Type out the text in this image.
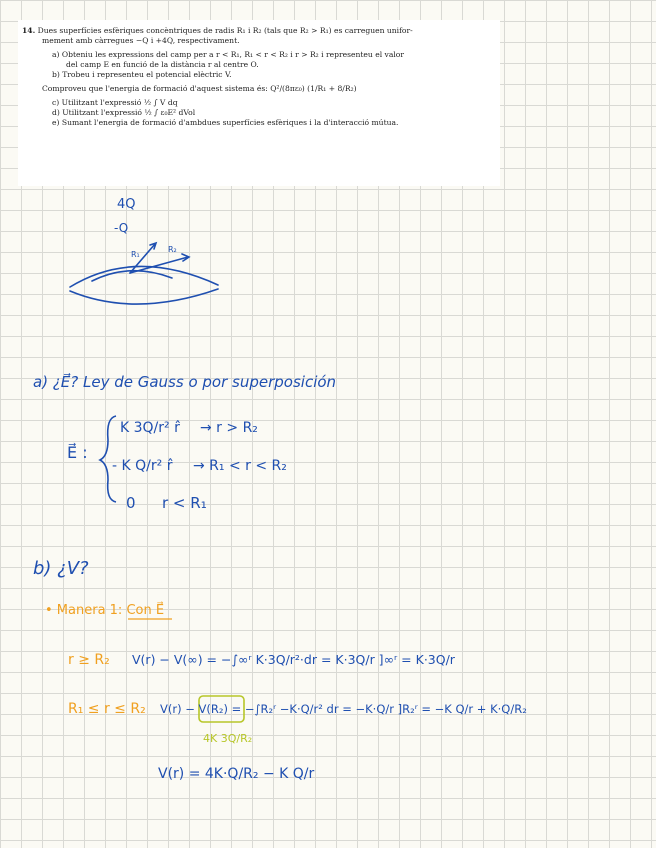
14. Dues superfícies esfèriques concèntriques de radis R₁ i R₂ (tals que R₂ > R₁) es carreguen unifor-

mement amb càrregues −Q i +4Q, respectivament.

a) Obteniu les expressions del camp per a r < R₁, R₁ < r < R₂ i r > R₂ i representeu el valor

del camp E en funció de la distància r al centre O.

b) Trobeu i representeu el potencial elèctric V.

Comproveu que l'energia de formació d'aquest sistema és: Q²/(8πε₀) (1/R₁ + 8/R₂)

c) Utilitzant l'expressió ½ ∫ V dq

d) Utilitzant l'expressió ½ ∫ ε₀E² dVol

e) Sumant l'energia de formació d'ambdues superfícies esfèriques i la d'interacció mútua.

4Q
-Q
R₁
R₂
a) ¿E⃗? Ley de Gauss o por superposición
E⃗ :
K 3Q/r² r̂ → r > R₂
- K Q/r² r̂ → R₁ < r < R₂
0 r < R₁
b) ¿V?
• Manera 1: Con E⃗
r ≥ R₂ V(r) − V(∞) = −∫∞ʳ K·3Q/r²·dr = K·3Q/r ]∞ʳ = K·3Q/r
R₁ ≤ r ≤ R₂ V(r) − V(R₂) = −∫R₂ʳ −K·Q/r² dr = −K·Q/r ]R₂ʳ = −K Q/r + K·Q/R₂
4K 3Q/R₂
V(r) = 4K·Q/R₂ − K Q/r
